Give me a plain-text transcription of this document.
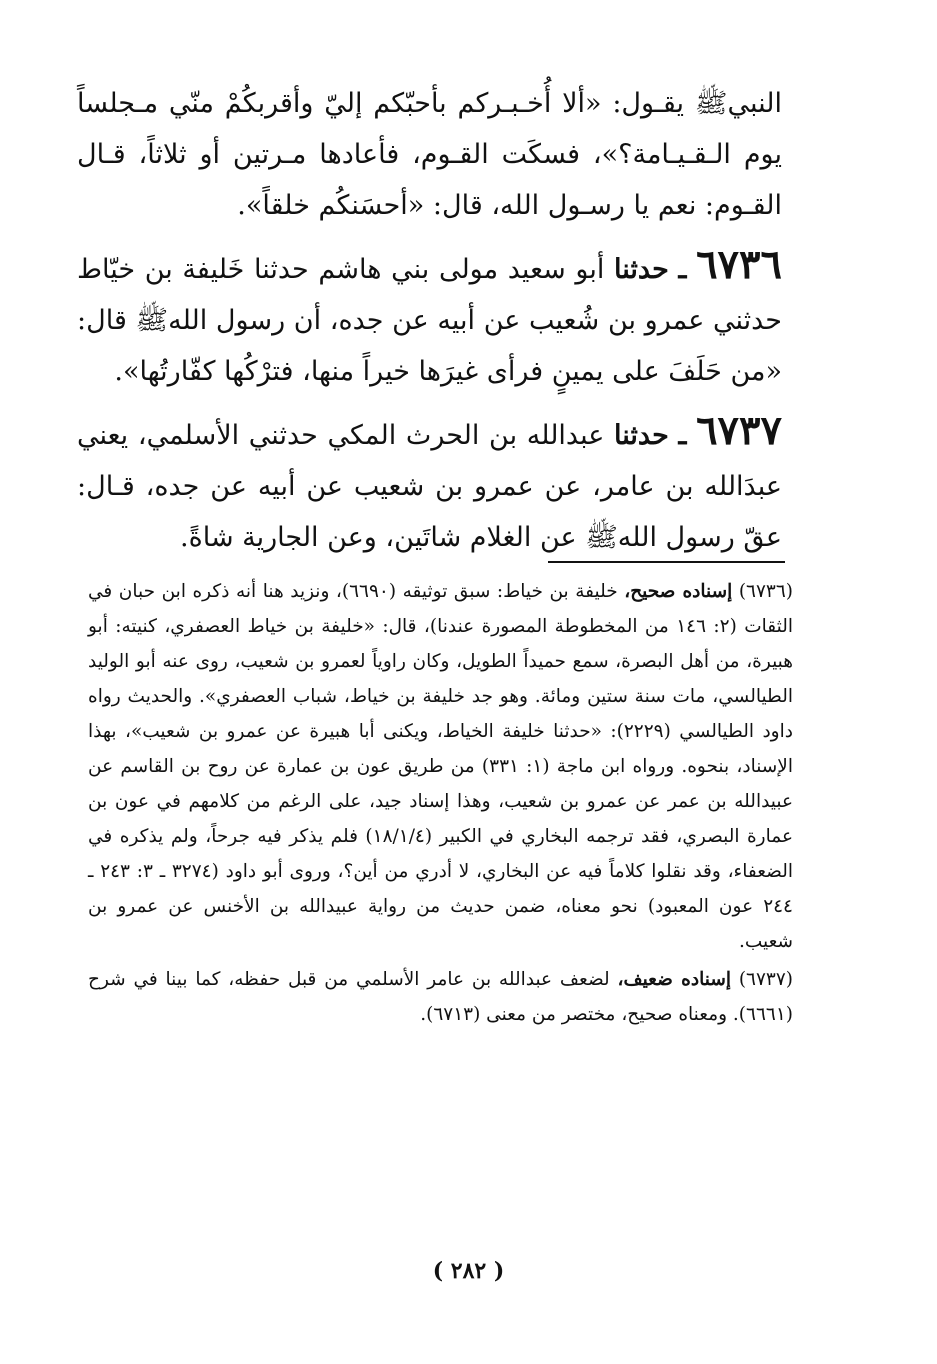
النبيﷺ يقـول: «ألا أُخـبـركم بأحبّكم إليّ وأقربكُمْ منّي مـجلساً يوم الـقـيـامة؟»، فسكَت القـوم، فأعادها مـرتين أو ثلاثاً، قـال القـوم: نعم يا رسـول الله، قال: «أحسَنكُم خلقاً».

٦٧٣٦ ـ حدثنا أبو سعيد مولى بني هاشم حدثنا خَليفة بن خيّاط حدثني عمرو بن شُعيب عن أبيه عن جده، أن رسول اللهﷺ قال: «من حَلَفَ على يمينٍ فرأى غيرَها خيراً منها، فترْكُها كفّارتُها».

٦٧٣٧ ـ حدثنا عبدالله بن الحرث المكي حدثني الأسلمي، يعني عبدَالله بن عامر، عن عمرو بن شعيب عن أبيه عن جده، قـال: عقّ رسول اللهﷺ عن الغلام شاتَين، وعن الجارية شاةً.

(٦٧٣٦) إسناده صحيح، خليفة بن خياط: سبق توثيقه (٦٦٩٠)، ونزيد هنا أنه ذكره ابن حبان في الثقات (٢: ١٤٦ من المخطوطة المصورة عندنا)، قال: «خليفة بن خياط العصفري، كنيته: أبو هبيرة، من أهل البصرة، سمع حميداً الطويل، وكان راوياً لعمرو بن شعيب، روى عنه أبو الوليد الطيالسي، مات سنة ستين ومائة. وهو جد خليفة بن خياط، شباب العصفري». والحديث رواه داود الطيالسي (٢٢٢٩): «حدثنا خليفة الخياط، ويكنى أبا هبيرة عن عمرو بن شعيب»، بهذا الإسناد، بنحوه. ورواه ابن ماجة (١: ٣٣١) من طريق عون بن عمارة عن روح بن القاسم عن عبيدالله بن عمر عن عمرو بن شعيب، وهذا إسناد جيد، على الرغم من كلامهم في عون بن عمارة البصري، فقد ترجمه البخاري في الكبير (١٨/١/٤) فلم يذكر فيه جرحاً، ولم يذكره في الضعفاء، وقد نقلوا كلاماً فيه عن البخاري، لا أدري من أين؟، وروى أبو داود (٣٢٧٤ ـ ٣: ٢٤٣ ـ ٢٤٤ عون المعبود) نحو معناه، ضمن حديث من رواية عبيدالله بن الأخنس عن عمرو بن شعيب.

(٦٧٣٧) إسناده ضعيف، لضعف عبدالله بن عامر الأسلمي من قبل حفظه، كما بينا في شرح (٦٦٦١). ومعناه صحيح، مختصر من معنى (٦٧١٣).

( ٢٨٢ )
